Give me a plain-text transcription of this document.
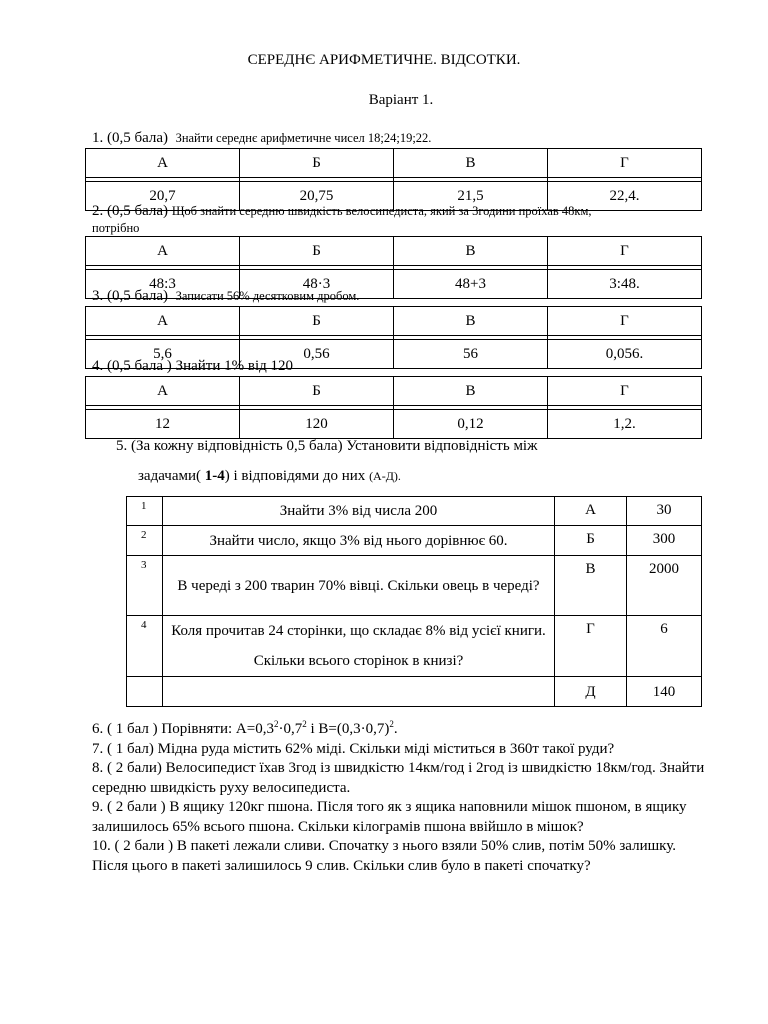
СЕРЕДНЄ АРИФМЕТИЧНЕ. ВІДСОТКИ.
Варіант 1.
1. (0,5 бала) Знайти середнє арифметичне чисел 18;24;19;22.
А	Б	В	Г

20,7	20,75	21,5	22,4.
2. (0,5 бала) Щоб знайти середню швидкість велосипедиста, який за 3години проїхав 48км,
потрібно
А	Б	В	Г

48:3	48·3	48+3	3:48.
3. (0,5 бала) Записати 56% десятковим дробом.
А	Б	В	Г

5,6	0,56	56	0,056.
4. (0,5 бала ) Знайти 1% від 120
А	Б	В	Г

12	120	0,12	1,2.
5. (За кожну відповідність 0,5 бала) Установити відповідність між
задачами( 1-4) і відповідями до них (А-Д).
1	Знайти 3% від числа 200	А	30
2	Знайти число, якщо 3% від нього дорівнює 60.	Б	300
3	В череді з 200 тварин 70% вівці. Скільки овець в череді?	В	2000
4	Коля прочитав 24 сторінки, що складає 8% від усієї книги. Скільки всього сторінок в книзі?	Г	6
		Д	140

6. ( 1 бал ) Порівняти: $А=0,3^2\cdot 0,7^2$ і $В=(0,3\cdot 0,7)^2$.

7. ( 1 бал) Мідна руда містить 62% міді. Скільки міді міститься в 360т такої руди?

8. ( 2 бали) Велосипедист їхав 3год із швидкістю 14км/год і 2год із швидкістю 18км/год. Знайти середню швидкість руху велосипедиста.

9. ( 2 бали ) В ящику 120кг пшона. Після того як з ящика наповнили мішок пшоном, в ящику залишилось 65% всього пшона. Скільки кілограмів пшона ввійшло в мішок?

10. ( 2 бали ) В пакеті лежали сливи. Спочатку з нього взяли 50% слив, потім 50% залишку. Після цього в пакеті залишилось 9 слив. Скільки слив було в пакеті спочатку?
